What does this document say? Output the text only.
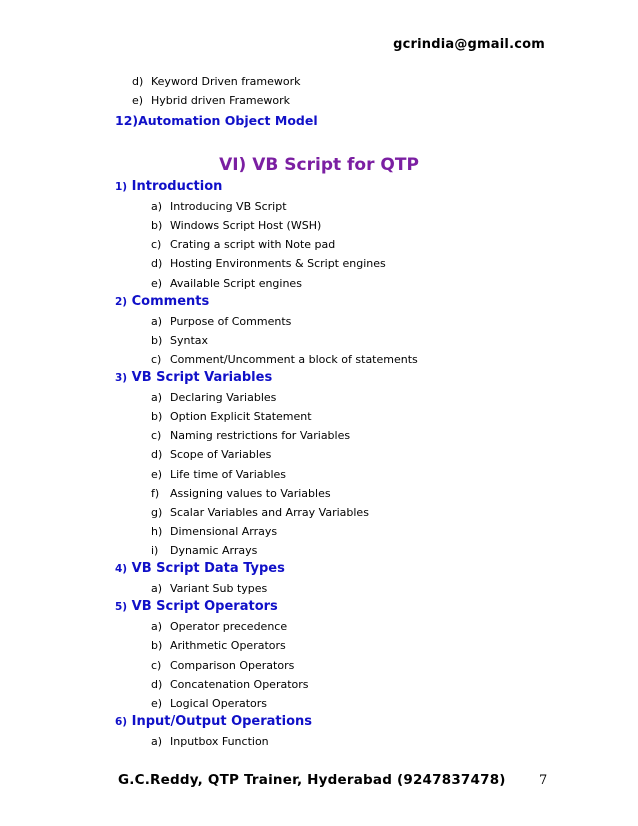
gcrindia@gmail.com
d) Keyword Driven framework
e) Hybrid driven Framework
12)Automation Object Model
VI) VB Script for QTP
1) Introduction
a) Introducing VB Script
b) Windows Script Host (WSH)
c) Crating a script with Note pad
d) Hosting Environments & Script engines
e) Available Script engines
2) Comments
a) Purpose of Comments
b) Syntax
c) Comment/Uncomment a block of statements
3) VB Script Variables
a) Declaring Variables
b) Option Explicit Statement
c) Naming restrictions for Variables
d) Scope of Variables
e) Life time of Variables
f) Assigning values to Variables
g) Scalar Variables and Array Variables
h) Dimensional Arrays
i) Dynamic Arrays
4) VB Script Data Types
a) Variant Sub types
5) VB Script Operators
a) Operator precedence
b) Arithmetic Operators
c) Comparison Operators
d) Concatenation Operators
e) Logical Operators
6) Input/Output Operations
a) Inputbox Function
G.C.Reddy, QTP Trainer, Hyderabad (9247837478)	7
